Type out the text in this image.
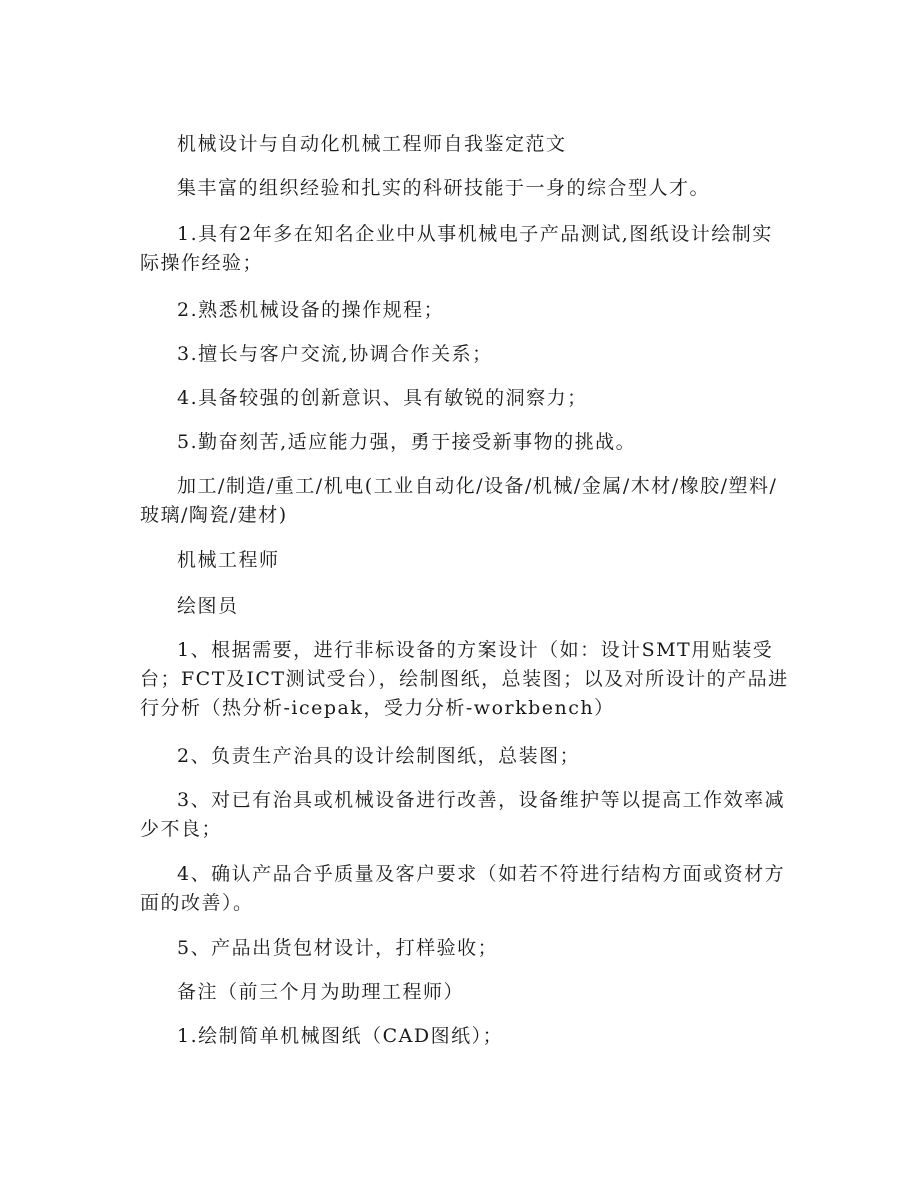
机械设计与自动化机械工程师自我鉴定范文

集丰富的组织经验和扎实的科研技能于一身的综合型人才。

1.具有2年多在知名企业中从事机械电子产品测试,图纸设计绘制实际操作经验；

2.熟悉机械设备的操作规程；

3.擅长与客户交流,协调合作关系；

4.具备较强的创新意识、具有敏锐的洞察力；

5.勤奋刻苦,适应能力强，勇于接受新事物的挑战。

加工/制造/重工/机电(工业自动化/设备/机械/金属/木材/橡胶/塑料/玻璃/陶瓷/建材)

机械工程师

绘图员

1、根据需要，进行非标设备的方案设计（如：设计SMT用贴装受台；FCT及ICT测试受台），绘制图纸，总装图；以及对所设计的产品进行分析（热分析-icepak，受力分析-workbench）

2、负责生产治具的设计绘制图纸，总装图；

3、对已有治具或机械设备进行改善，设备维护等以提高工作效率减少不良；

4、确认产品合乎质量及客户要求（如若不符进行结构方面或资材方面的改善）。

5、产品出货包材设计，打样验收；

备注（前三个月为助理工程师）

1.绘制简单机械图纸（CAD图纸）；
